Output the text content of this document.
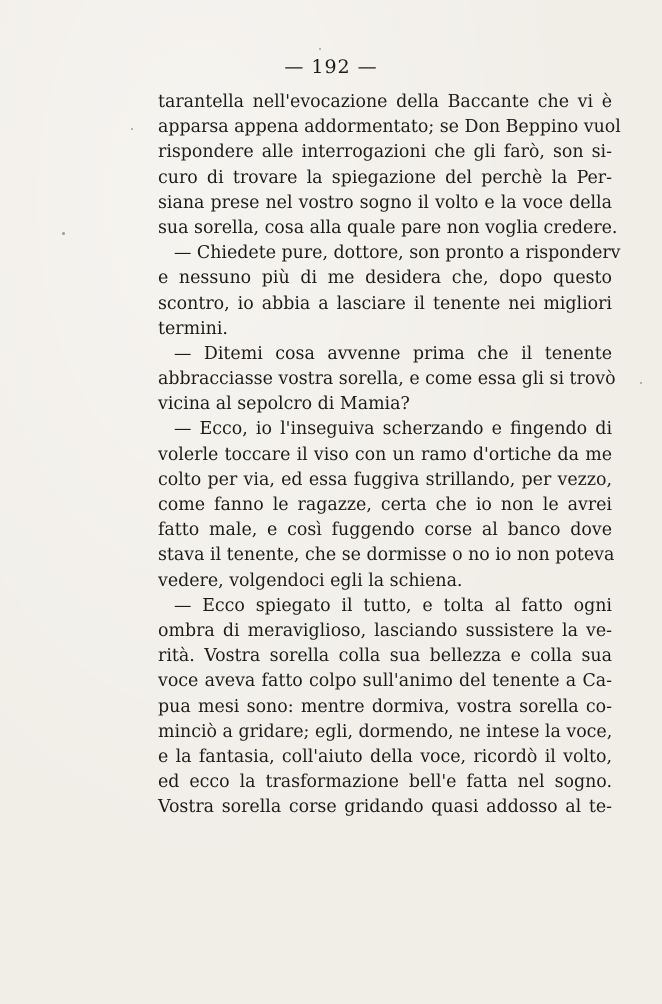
— 192 —
tarantella nell'evocazione della Baccante che vi è
apparsa appena addormentato; se Don Beppino vuol
rispondere alle interrogazioni che gli farò, son si-
curo di trovare la spiegazione del perchè la Per-
siana prese nel vostro sogno il volto e la voce della
sua sorella, cosa alla quale pare non voglia credere.
— Chiedete pure, dottore, son pronto a risponderv
e nessuno più di me desidera che, dopo questo
scontro, io abbia a lasciare il tenente nei migliori
termini.
— Ditemi cosa avvenne prima che il tenente
abbracciasse vostra sorella, e come essa gli si trovò
vicina al sepolcro di Mamia?
— Ecco, io l'inseguiva scherzando e fingendo di
volerle toccare il viso con un ramo d'ortiche da me
colto per via, ed essa fuggiva strillando, per vezzo,
come fanno le ragazze, certa che io non le avrei
fatto male, e così fuggendo corse al banco dove
stava il tenente, che se dormisse o no io non poteva
vedere, volgendoci egli la schiena.
— Ecco spiegato il tutto, e tolta al fatto ogni
ombra di meraviglioso, lasciando sussistere la ve-
rità. Vostra sorella colla sua bellezza e colla sua
voce aveva fatto colpo sull'animo del tenente a Ca-
pua mesi sono: mentre dormiva, vostra sorella co-
minciò a gridare; egli, dormendo, ne intese la voce,
e la fantasia, coll'aiuto della voce, ricordò il volto,
ed ecco la trasformazione bell'e fatta nel sogno.
Vostra sorella corse gridando quasi addosso al te-
